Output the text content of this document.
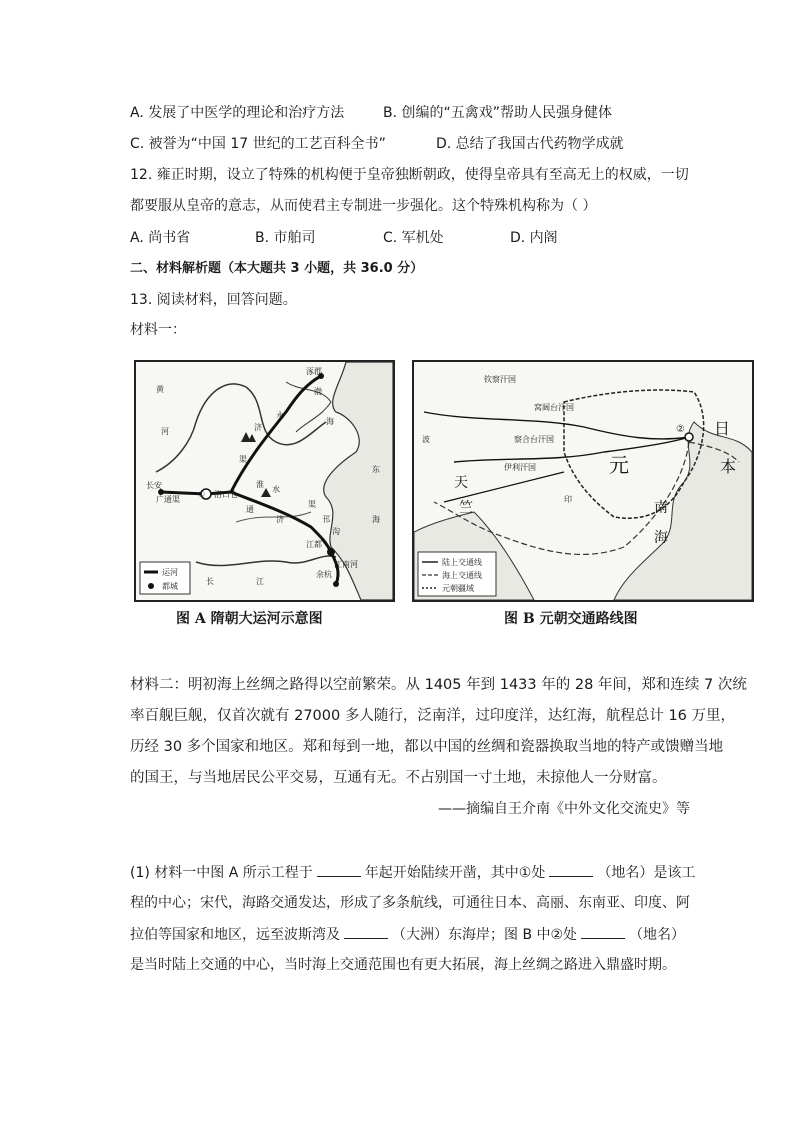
A. 发展了中医学的理论和治疗方法	B. 创编的“五禽戏”帮助人民强身健体
C. 被誉为“中国 17 世纪的工艺百科全书”	D. 总结了我国古代药物学成就
12. 雍正时期，设立了特殊的机构便于皇帝独断朝政，使得皇帝具有至高无上的权威，一切
都要服从皇帝的意志，从而使君主专制进一步强化。这个特殊机构称为（ ）
A. 尚书省	B. 市舶司	C. 军机处	D. 内阁
二、材料解析题（本大题共 3 小题，共 36.0 分）
13. 阅读材料，回答问题。
材料一：
运河
都城
涿郡
黄
河
永
济
渠
渤
海
东
海
长安
① 洛口仓
广通渠
通
济
渠
淮
水
邗
沟
江都
余杭
长	江
江南河
图 A 隋朝大运河示意图
陆上交通线
海上交通线
元朝疆域
钦察汗国
窝阔台汗国
伊利汗国
察合台汗国
元
日
本
天
竺
波
印
南
海
②
图 B 元朝交通路线图
材料二：明初海上丝绸之路得以空前繁荣。从 1405 年到 1433 年的 28 年间，郑和连续 7 次统
率百舰巨舰，仅首次就有 27000 多人随行，泛南洋，过印度洋，达红海，航程总计 16 万里，
历经 30 多个国家和地区。郑和每到一地，都以中国的丝绸和瓷器换取当地的特产或馈赠当地
的国王，与当地居民公平交易，互通有无。不占别国一寸土地，未掠他人一分财富。
——摘编自王介南《中外文化交流史》等
(1) 材料一中图 A 所示工程于	年起开始陆续开凿，其中①处	（地名）是该工
程的中心；宋代，海路交通发达，形成了多条航线，可通往日本、高丽、东南亚、印度、阿
拉伯等国家和地区，远至波斯湾及	（大洲）东海岸；图 B 中②处	（地名）
是当时陆上交通的中心，当时海上交通范围也有更大拓展，海上丝绸之路进入鼎盛时期。
